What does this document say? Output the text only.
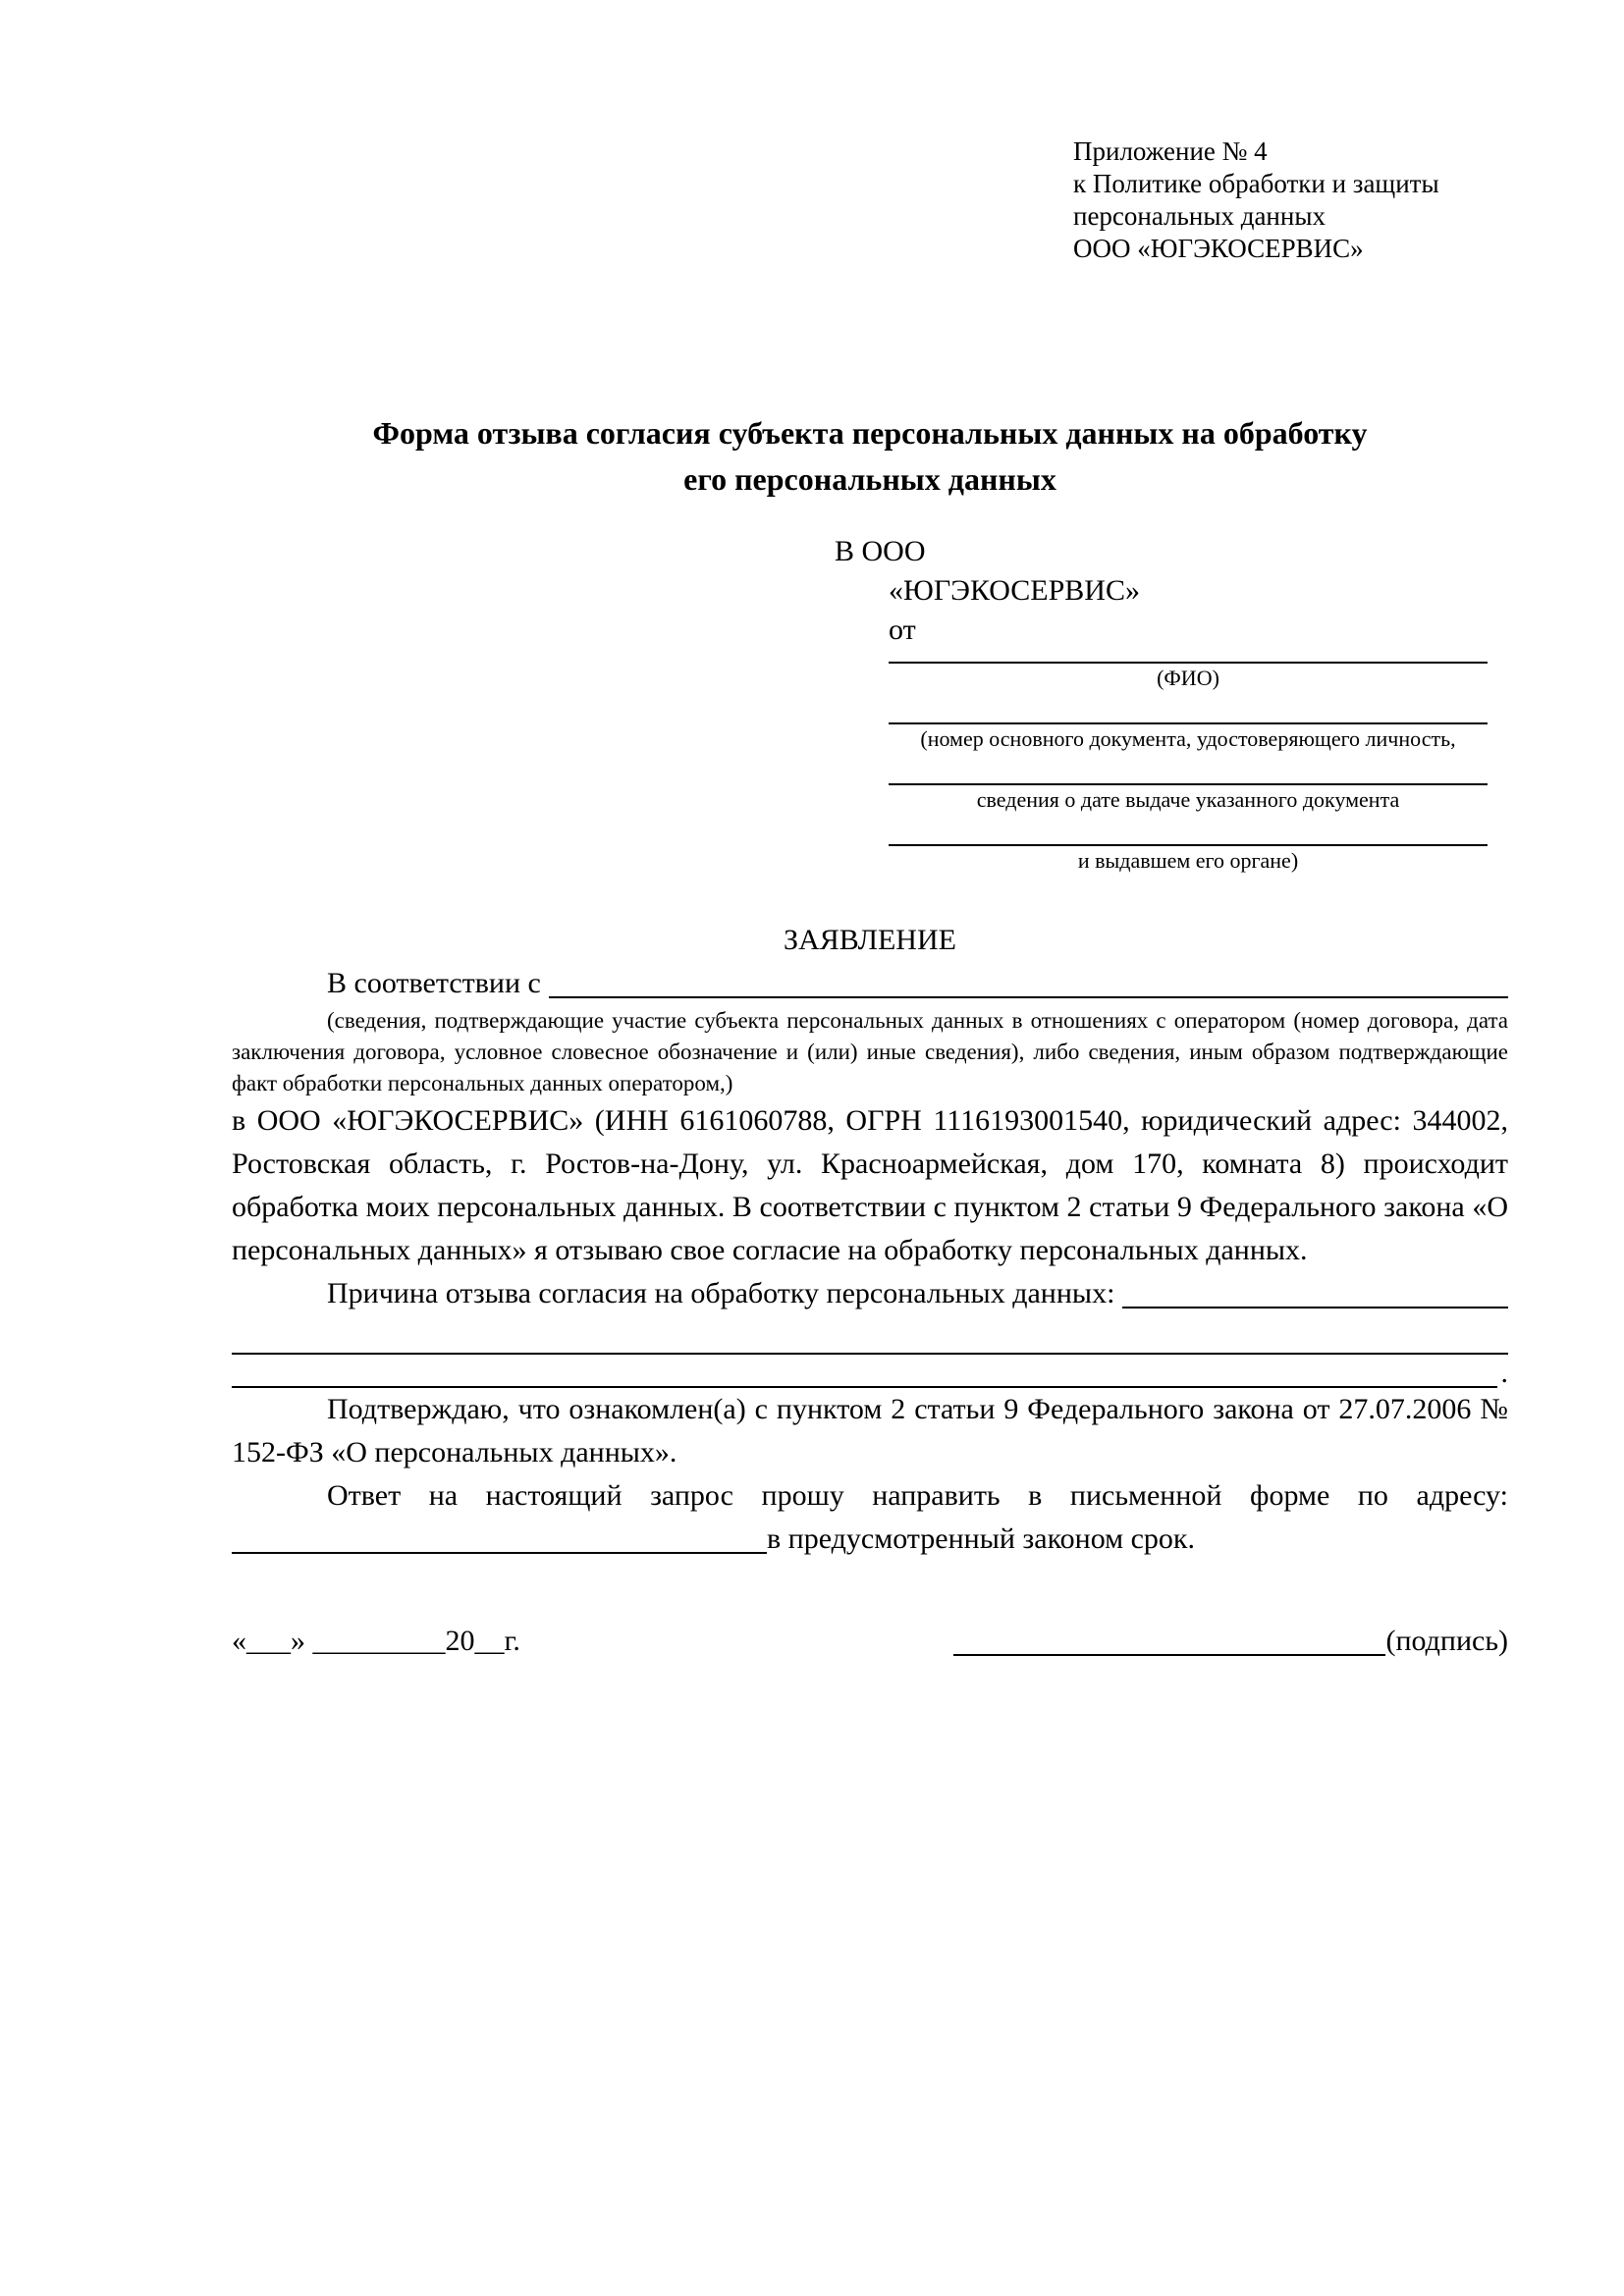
Приложение № 4
к Политике обработки и защиты
персональных данных
ООО «ЮГЭКОСЕРВИС»
Форма отзыва согласия субъекта персональных данных на обработку
его персональных данных
В ООО
«ЮГЭКОСЕРВИС»
от
(ФИО)
(номер основного документа, удостоверяющего личность,
сведения о дате выдаче указанного документа
и выдавшем его органе)
ЗАЯВЛЕНИЕ
В соответствии с
(сведения, подтверждающие участие субъекта персональных данных в отношениях с оператором (номер договора, дата заключения договора, условное словесное обозначение и (или) иные сведения), либо сведения, иным образом подтверждающие факт обработки персональных данных оператором,)
в ООО «ЮГЭКОСЕРВИС» (ИНН 6161060788, ОГРН 1116193001540, юридический адрес: 344002, Ростовская область, г. Ростов-на-Дону, ул. Красноармейская, дом 170, комната 8) происходит обработка моих персональных данных. В соответствии с пунктом 2 статьи 9 Федерального закона «О персональных данных» я отзываю свое согласие на обработку персональных данных.
Причина отзыва согласия на обработку персональных данных:
.
Подтверждаю, что ознакомлен(а) с пунктом 2 статьи 9 Федерального закона от 27.07.2006 № 152-ФЗ «О персональных данных».
Ответ на настоящий запрос прошу направить в письменной форме по адресу:
в предусмотренный законом срок.
«___» _________20__г.	(подпись)
